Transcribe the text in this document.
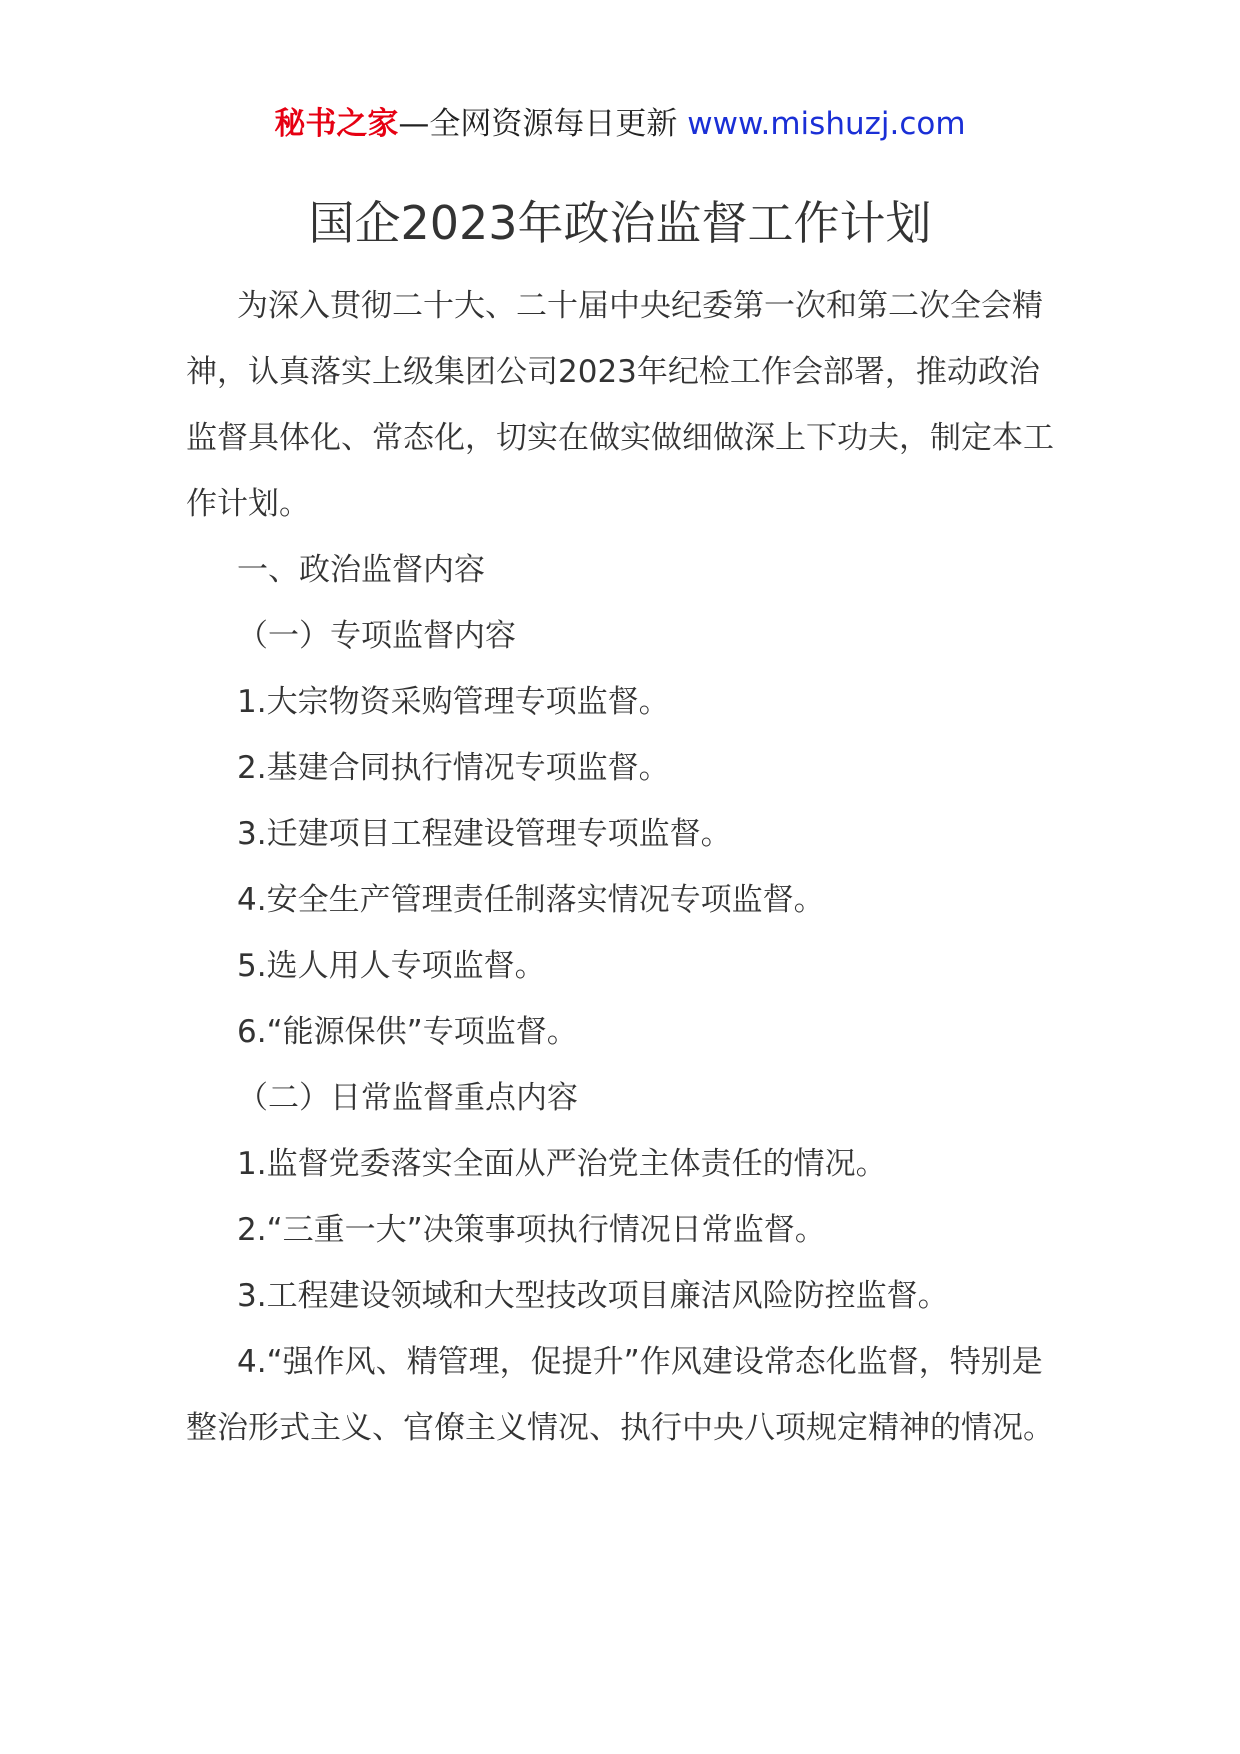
秘书之家—全网资源每日更新 www.mishuzj.com
国企2023年政治监督工作计划

为深入贯彻二十大、二十届中央纪委第一次和第二次全会精神，认真落实上级集团公司2023年纪检工作会部署，推动政治监督具体化、常态化，切实在做实做细做深上下功夫，制定本工作计划。

一、政治监督内容

（一）专项监督内容

1.大宗物资采购管理专项监督。

2.基建合同执行情况专项监督。

3.迁建项目工程建设管理专项监督。

4.安全生产管理责任制落实情况专项监督。

5.选人用人专项监督。

6.“能源保供”专项监督。

（二）日常监督重点内容

1.监督党委落实全面从严治党主体责任的情况。

2.“三重一大”决策事项执行情况日常监督。

3.工程建设领域和大型技改项目廉洁风险防控监督。

4.“强作风、精管理，促提升”作风建设常态化监督，特别是整治形式主义、官僚主义情况、执行中央八项规定精神的情况。
